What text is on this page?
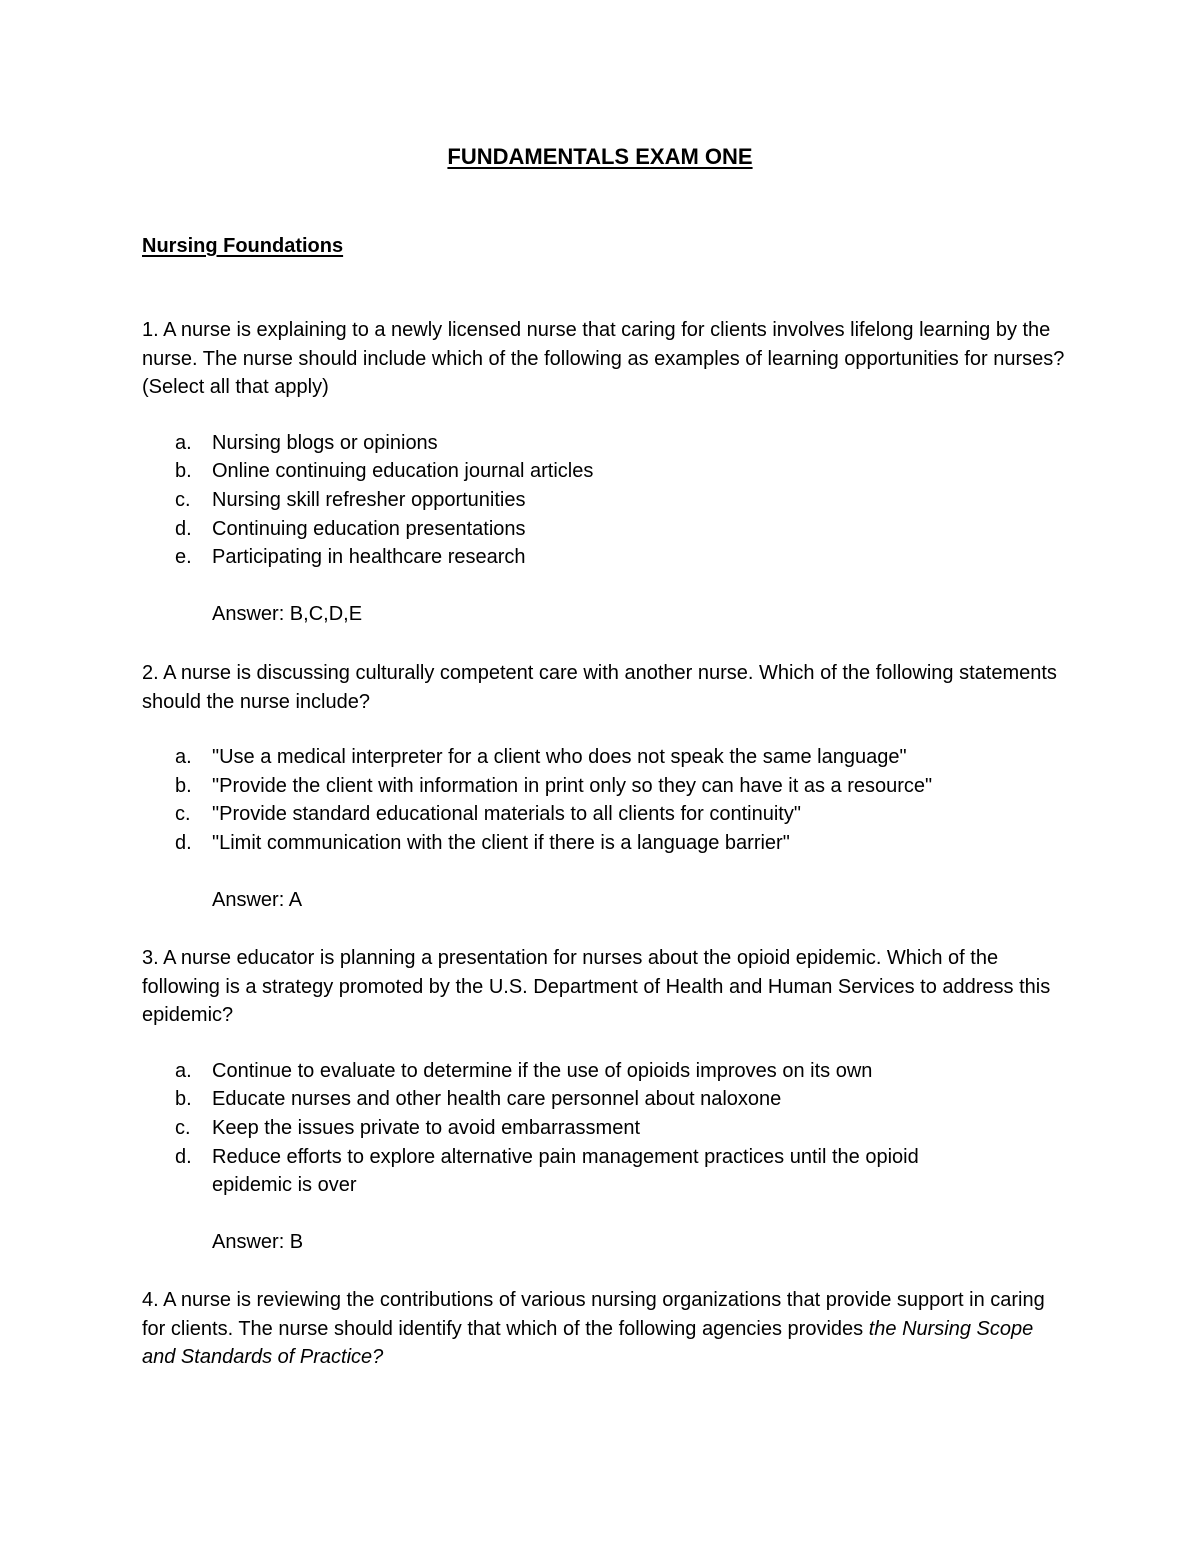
FUNDAMENTALS EXAM ONE
Nursing Foundations

1. A nurse is explaining to a newly licensed nurse that caring for clients involves lifelong learning by the nurse. The nurse should include which of the following as examples of learning opportunities for nurses? (Select all that apply)

a. Nursing blogs or opinions
b. Online continuing education journal articles
c. Nursing skill refresher opportunities
d. Continuing education presentations
e. Participating in healthcare research
Answer: B,C,D,E

2. A nurse is discussing culturally competent care with another nurse. Which of the following statements should the nurse include?

a. "Use a medical interpreter for a client who does not speak the same language"
b. "Provide the client with information in print only so they can have it as a resource"
c. "Provide standard educational materials to all clients for continuity"
d. "Limit communication with the client if there is a language barrier"
Answer: A

3. A nurse educator is planning a presentation for nurses about the opioid epidemic. Which of the following is a strategy promoted by the U.S. Department of Health and Human Services to address this epidemic?

a. Continue to evaluate to determine if the use of opioids improves on its own
b. Educate nurses and other health care personnel about naloxone
c. Keep the issues private to avoid embarrassment
d. Reduce efforts to explore alternative pain management practices until the opioid epidemic is over
Answer: B

4. A nurse is reviewing the contributions of various nursing organizations that provide support in caring for clients. The nurse should identify that which of the following agencies provides the Nursing Scope and Standards of Practice?
